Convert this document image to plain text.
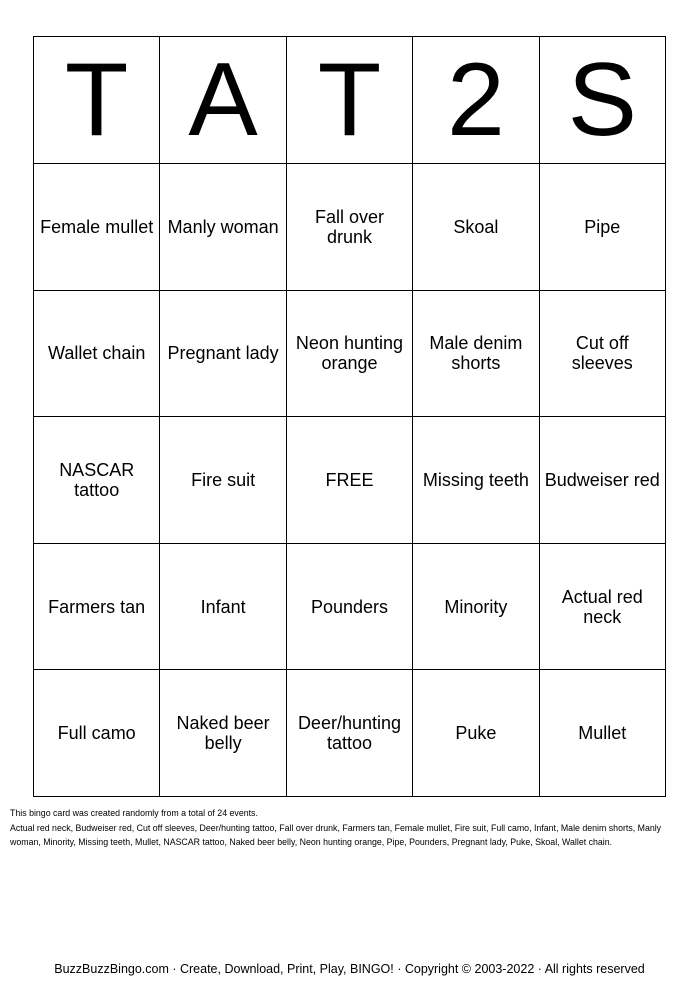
T	A	T	2	S

Female mullet	Manly woman	Fall over drunk	Skoal	Pipe

Wallet chain	Pregnant lady	Neon hunting orange	Male denim shorts	Cut off sleeves

NASCAR tattoo	Fire suit	FREE	Missing teeth	Budweiser red

Farmers tan	Infant	Pounders	Minority	Actual red neck

Full camo	Naked beer belly	Deer/hunting tattoo	Puke	Mullet
This bingo card was created randomly from a total of 24 events.
Actual red neck, Budweiser red, Cut off sleeves, Deer/hunting tattoo, Fall over drunk, Farmers tan, Female mullet, Fire suit, Full camo, Infant, Male denim shorts, Manly woman, Minority, Missing teeth, Mullet, NASCAR tattoo, Naked beer belly, Neon hunting orange, Pipe, Pounders, Pregnant lady, Puke, Skoal, Wallet chain.
BuzzBuzzBingo.com · Create, Download, Print, Play, BINGO! · Copyright © 2003-2022 · All rights reserved
